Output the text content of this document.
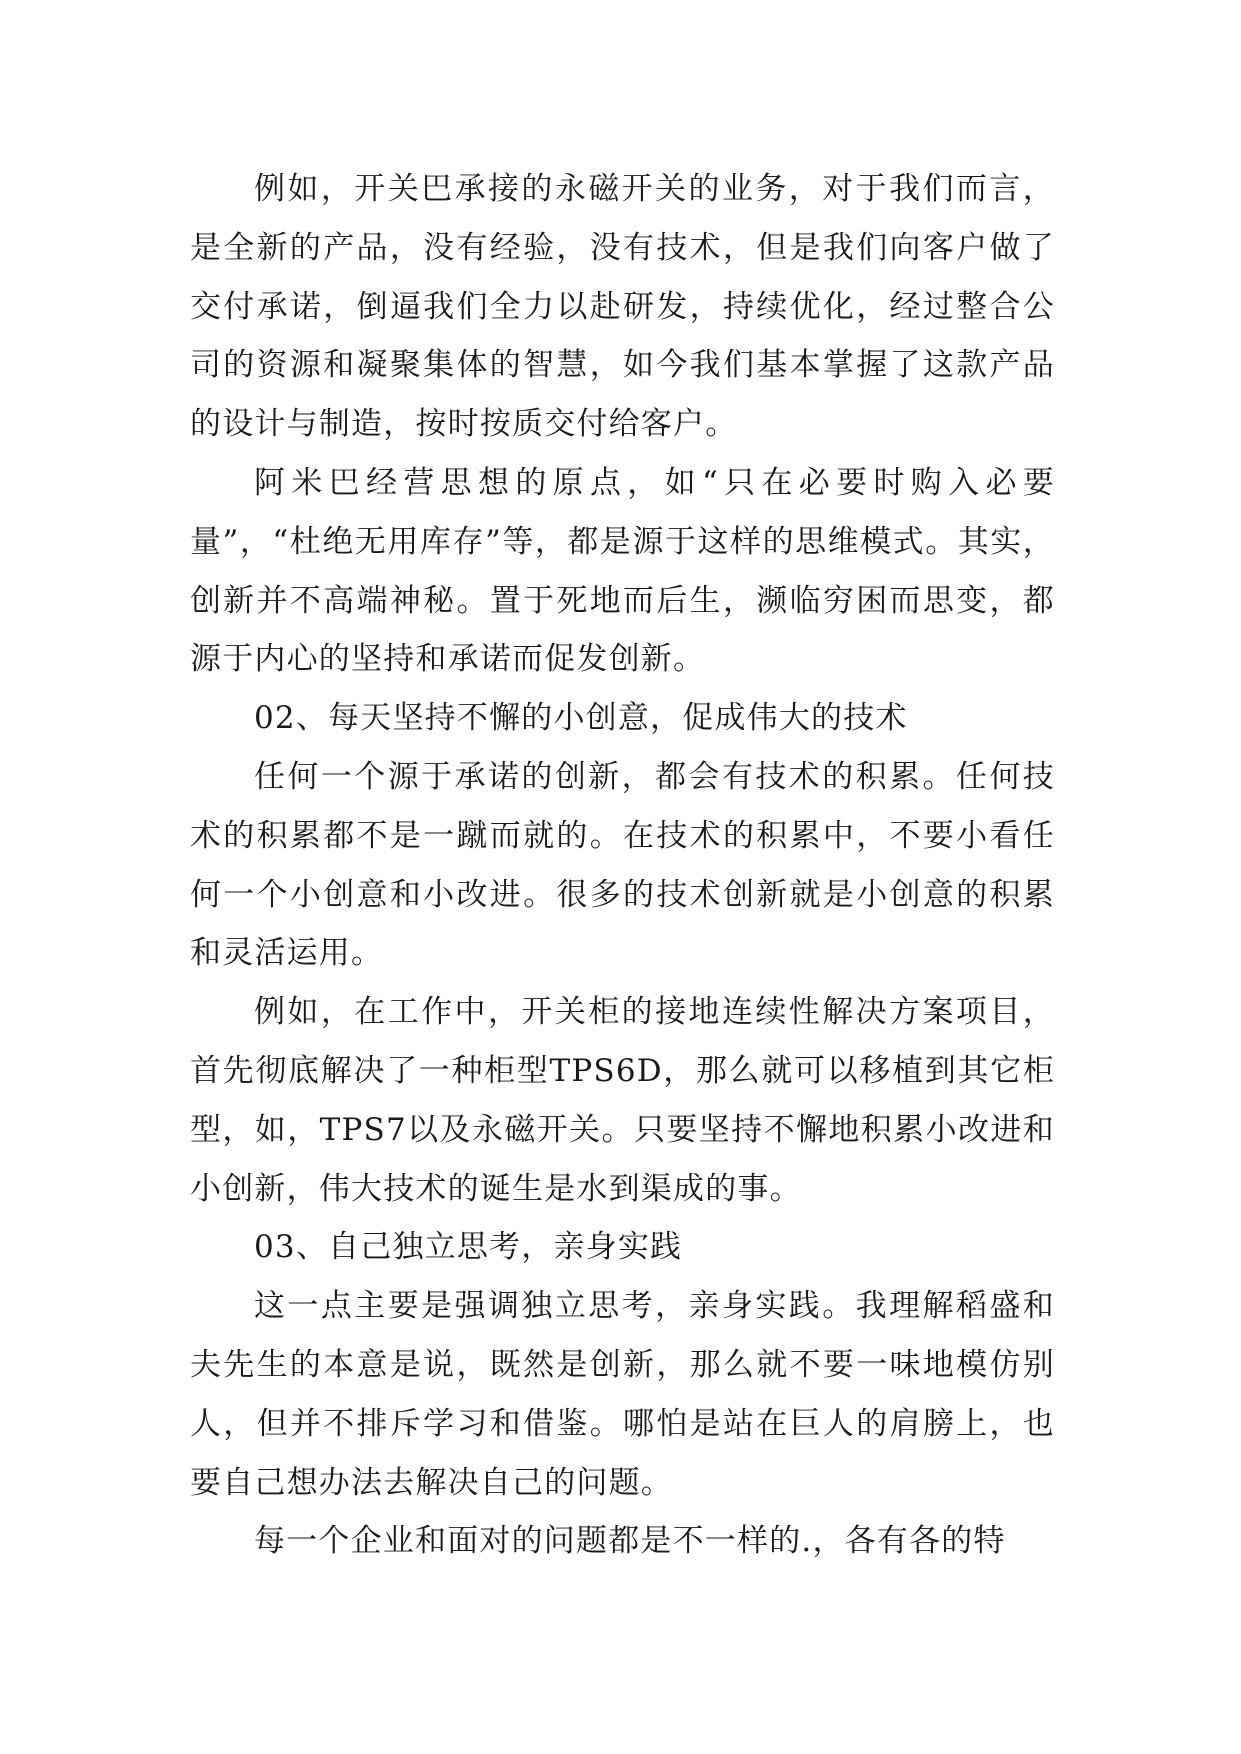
例如，开关巴承接的永磁开关的业务，对于我们而言，是全新的产品，没有经验，没有技术，但是我们向客户做了交付承诺，倒逼我们全力以赴研发，持续优化，经过整合公司的资源和凝聚集体的智慧，如今我们基本掌握了这款产品的设计与制造，按时按质交付给客户。

阿米巴经营思想的原点，如“只在必要时购入必要量”，“杜绝无用库存”等，都是源于这样的思维模式。其实，创新并不高端神秘。置于死地而后生，濒临穷困而思变，都源于内心的坚持和承诺而促发创新。

02、每天坚持不懈的小创意，促成伟大的技术

任何一个源于承诺的创新，都会有技术的积累。任何技术的积累都不是一蹴而就的。在技术的积累中，不要小看任何一个小创意和小改进。很多的技术创新就是小创意的积累和灵活运用。

例如，在工作中，开关柜的接地连续性解决方案项目，首先彻底解决了一种柜型TPS6D，那么就可以移植到其它柜型，如，TPS7以及永磁开关。只要坚持不懈地积累小改进和小创新，伟大技术的诞生是水到渠成的事。

03、自己独立思考，亲身实践

这一点主要是强调独立思考，亲身实践。我理解稻盛和夫先生的本意是说，既然是创新，那么就不要一味地模仿别人，但并不排斥学习和借鉴。哪怕是站在巨人的肩膀上，也要自己想办法去解决自己的问题。

每一个企业和面对的问题都是不一样的.，各有各的特
